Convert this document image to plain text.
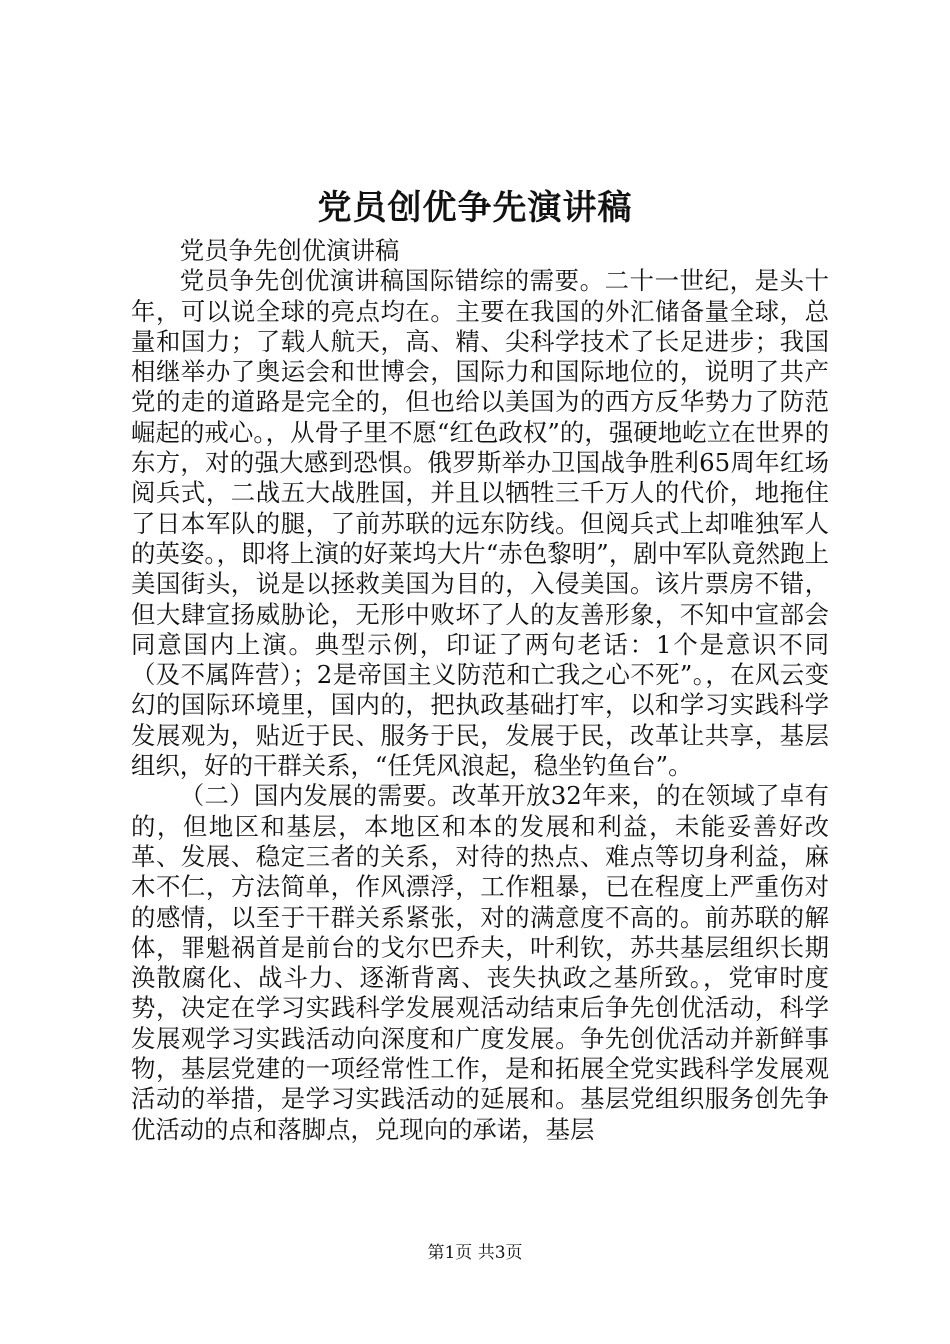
党员创优争先演讲稿

党员争先创优演讲稿

党员争先创优演讲稿国际错综的需要。二十一世纪，是头十年，可以说全球的亮点均在。主要在我国的外汇储备量全球，总量和国力；了载人航天，高、精、尖科学技术了长足进步；我国相继举办了奥运会和世博会，国际力和国际地位的，说明了共产党的走的道路是完全的，但也给以美国为的西方反华势力了防范崛起的戒心。，从骨子里不愿“红色政权”的，强硬地屹立在世界的东方，对的强大感到恐惧。俄罗斯举办卫国战争胜利65周年红场阅兵式，二战五大战胜国，并且以牺牲三千万人的代价，地拖住了日本军队的腿，了前苏联的远东防线。但阅兵式上却唯独军人的英姿。，即将上演的好莱坞大片“赤色黎明”，剧中军队竟然跑上美国街头，说是以拯救美国为目的，入侵美国。该片票房不错，但大肆宣扬威胁论，无形中败坏了人的友善形象，不知中宣部会同意国内上演。典型示例，印证了两句老话：1个是意识不同（及不属阵营）；2是帝国主义防范和亡我之心不死”。，在风云变幻的国际环境里，国内的，把执政基础打牢，以和学习实践科学发展观为，贴近于民、服务于民，发展于民，改革让共享，基层组织，好的干群关系，“任凭风浪起，稳坐钓鱼台”。

（二）国内发展的需要。改革开放32年来，的在领域了卓有的，但地区和基层，本地区和本的发展和利益，未能妥善好改革、发展、稳定三者的关系，对待的热点、难点等切身利益，麻木不仁，方法简单，作风漂浮，工作粗暴，已在程度上严重伤对的感情，以至于干群关系紧张，对的满意度不高的。前苏联的解体，罪魁祸首是前台的戈尔巴乔夫，叶利钦，苏共基层组织长期涣散腐化、战斗力、逐渐背离、丧失执政之基所致。，党审时度势，决定在学习实践科学发展观活动结束后争先创优活动，科学发展观学习实践活动向深度和广度发展。争先创优活动并新鲜事物，基层党建的一项经常性工作，是和拓展全党实践科学发展观活动的举措，是学习实践活动的延展和。基层党组织服务创先争优活动的点和落脚点，兑现向的承诺，基层

第1页 共3页
